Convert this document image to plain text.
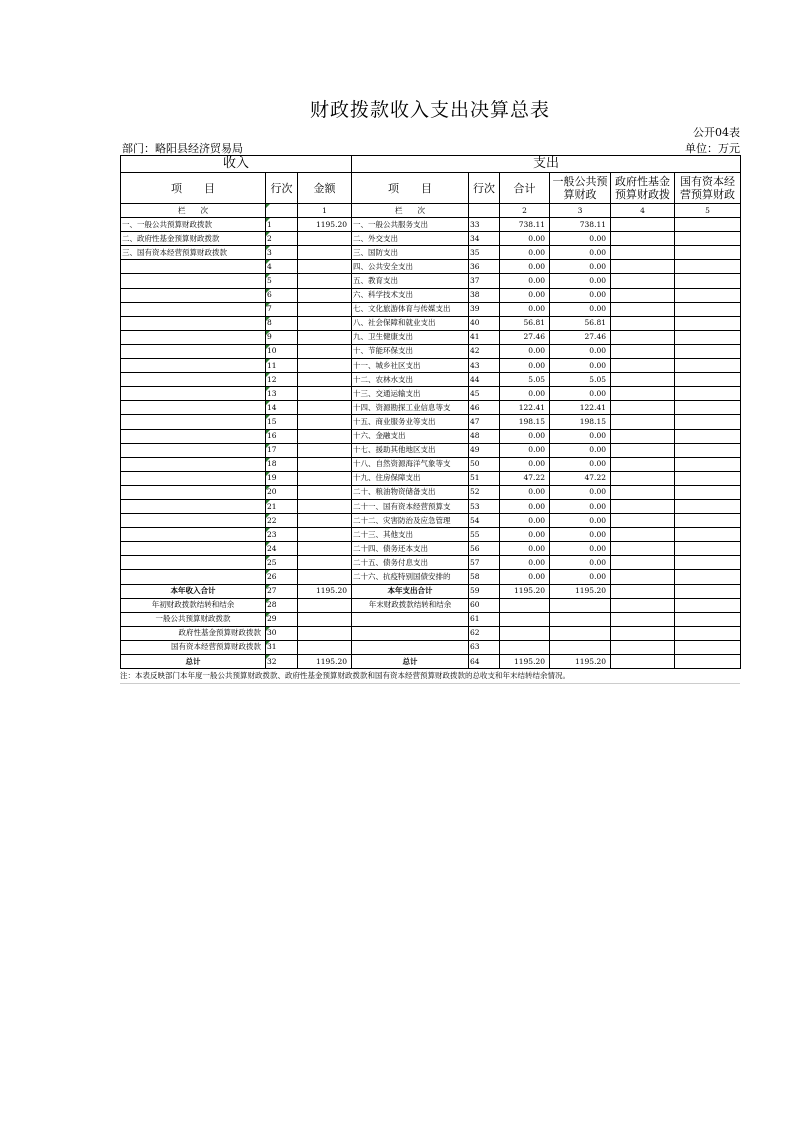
财政拨款收入支出决算总表
公开04表
部门：略阳县经济贸易局	单位：万元
收入			支出					
项　　目	行次	金额	项　　目	行次	合计	一般公共预算财政	政府性基金预算财政拨	国有资本经营预算财政
栏　　次		1	栏　　次		2	3	4	5
一、一般公共预算财政拨款	1	1195.20	一、一般公共服务支出	33	738.11	738.11		
二、政府性基金预算财政拨款	2		二、外交支出	34	0.00	0.00		
三、国有资本经营预算财政拨款	3		三、国防支出	35	0.00	0.00		
	4		四、公共安全支出	36	0.00	0.00		
	5		五、教育支出	37	0.00	0.00		
	6		六、科学技术支出	38	0.00	0.00		
	7		七、文化旅游体育与传媒支出	39	0.00	0.00		
	8		八、社会保障和就业支出	40	56.81	56.81		
	9		九、卫生健康支出	41	27.46	27.46		
	10		十、节能环保支出	42	0.00	0.00		
	11		十一、城乡社区支出	43	0.00	0.00		
	12		十二、农林水支出	44	5.05	5.05		
	13		十三、交通运输支出	45	0.00	0.00		
	14		十四、资源勘探工业信息等支	46	122.41	122.41		
	15		十五、商业服务业等支出	47	198.15	198.15		
	16		十六、金融支出	48	0.00	0.00		
	17		十七、援助其他地区支出	49	0.00	0.00		
	18		十八、自然资源海洋气象等支	50	0.00	0.00		
	19		十九、住房保障支出	51	47.22	47.22		
	20		二十、粮油物资储备支出	52	0.00	0.00		
	21		二十一、国有资本经营预算支	53	0.00	0.00		
	22		二十二、灾害防治及应急管理	54	0.00	0.00		
	23		二十三、其他支出	55	0.00	0.00		
	24		二十四、债务还本支出	56	0.00	0.00		
	25		二十五、债务付息支出	57	0.00	0.00		
	26		二十六、抗疫特别国债安排的	58	0.00	0.00		
本年收入合计	27	1195.20	本年支出合计	59	1195.20	1195.20		
年初财政拨款结转和结余	28		年末财政拨款结转和结余	60				
一般公共预算财政拨款	29			61				
政府性基金预算财政拨款	30			62				
国有资本经营预算财政拨款	31			63				
总计	32	1195.20	总计	64	1195.20	1195.20		
注：本表反映部门本年度一般公共预算财政拨款、政府性基金预算财政拨款和国有资本经营预算财政拨款的总收支和年末结转结余情况。
